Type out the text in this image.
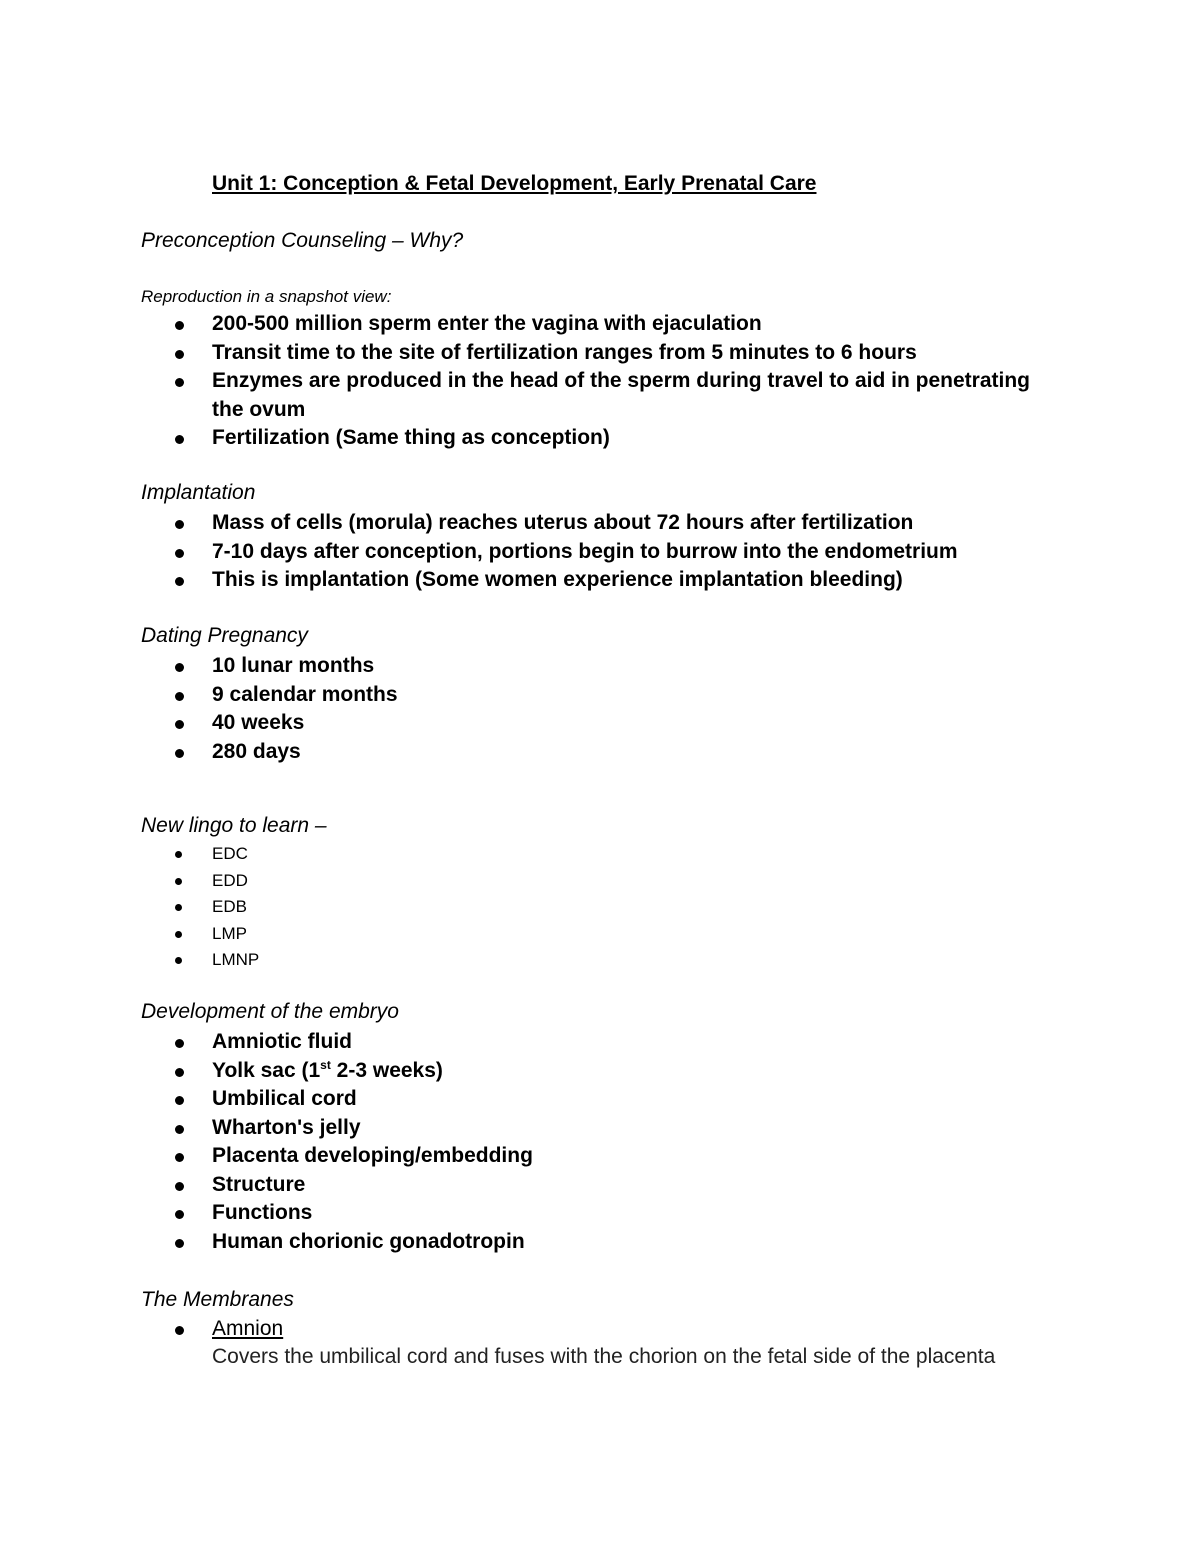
Unit 1: Conception & Fetal Development, Early Prenatal Care
Preconception Counseling – Why?
Reproduction in a snapshot view:
200-500 million sperm enter the vagina with ejaculation
Transit time to the site of fertilization ranges from 5 minutes to 6 hours
Enzymes are produced in the head of the sperm during travel to aid in penetrating the ovum
Fertilization (Same thing as conception)
Implantation
Mass of cells (morula) reaches uterus about 72 hours after fertilization
7-10 days after conception, portions begin to burrow into the endometrium
This is implantation (Some women experience implantation bleeding)
Dating Pregnancy
10 lunar months
9 calendar months
40 weeks
280 days
New lingo to learn –
EDC
EDD
EDB
LMP
LMNP
Development of the embryo
Amniotic fluid
Yolk sac (1st 2-3 weeks)
Umbilical cord
Wharton's jelly
Placenta developing/embedding
Structure
Functions
Human chorionic gonadotropin
The Membranes
Amnion
Covers the umbilical cord and fuses with the chorion on the fetal side of the placenta
